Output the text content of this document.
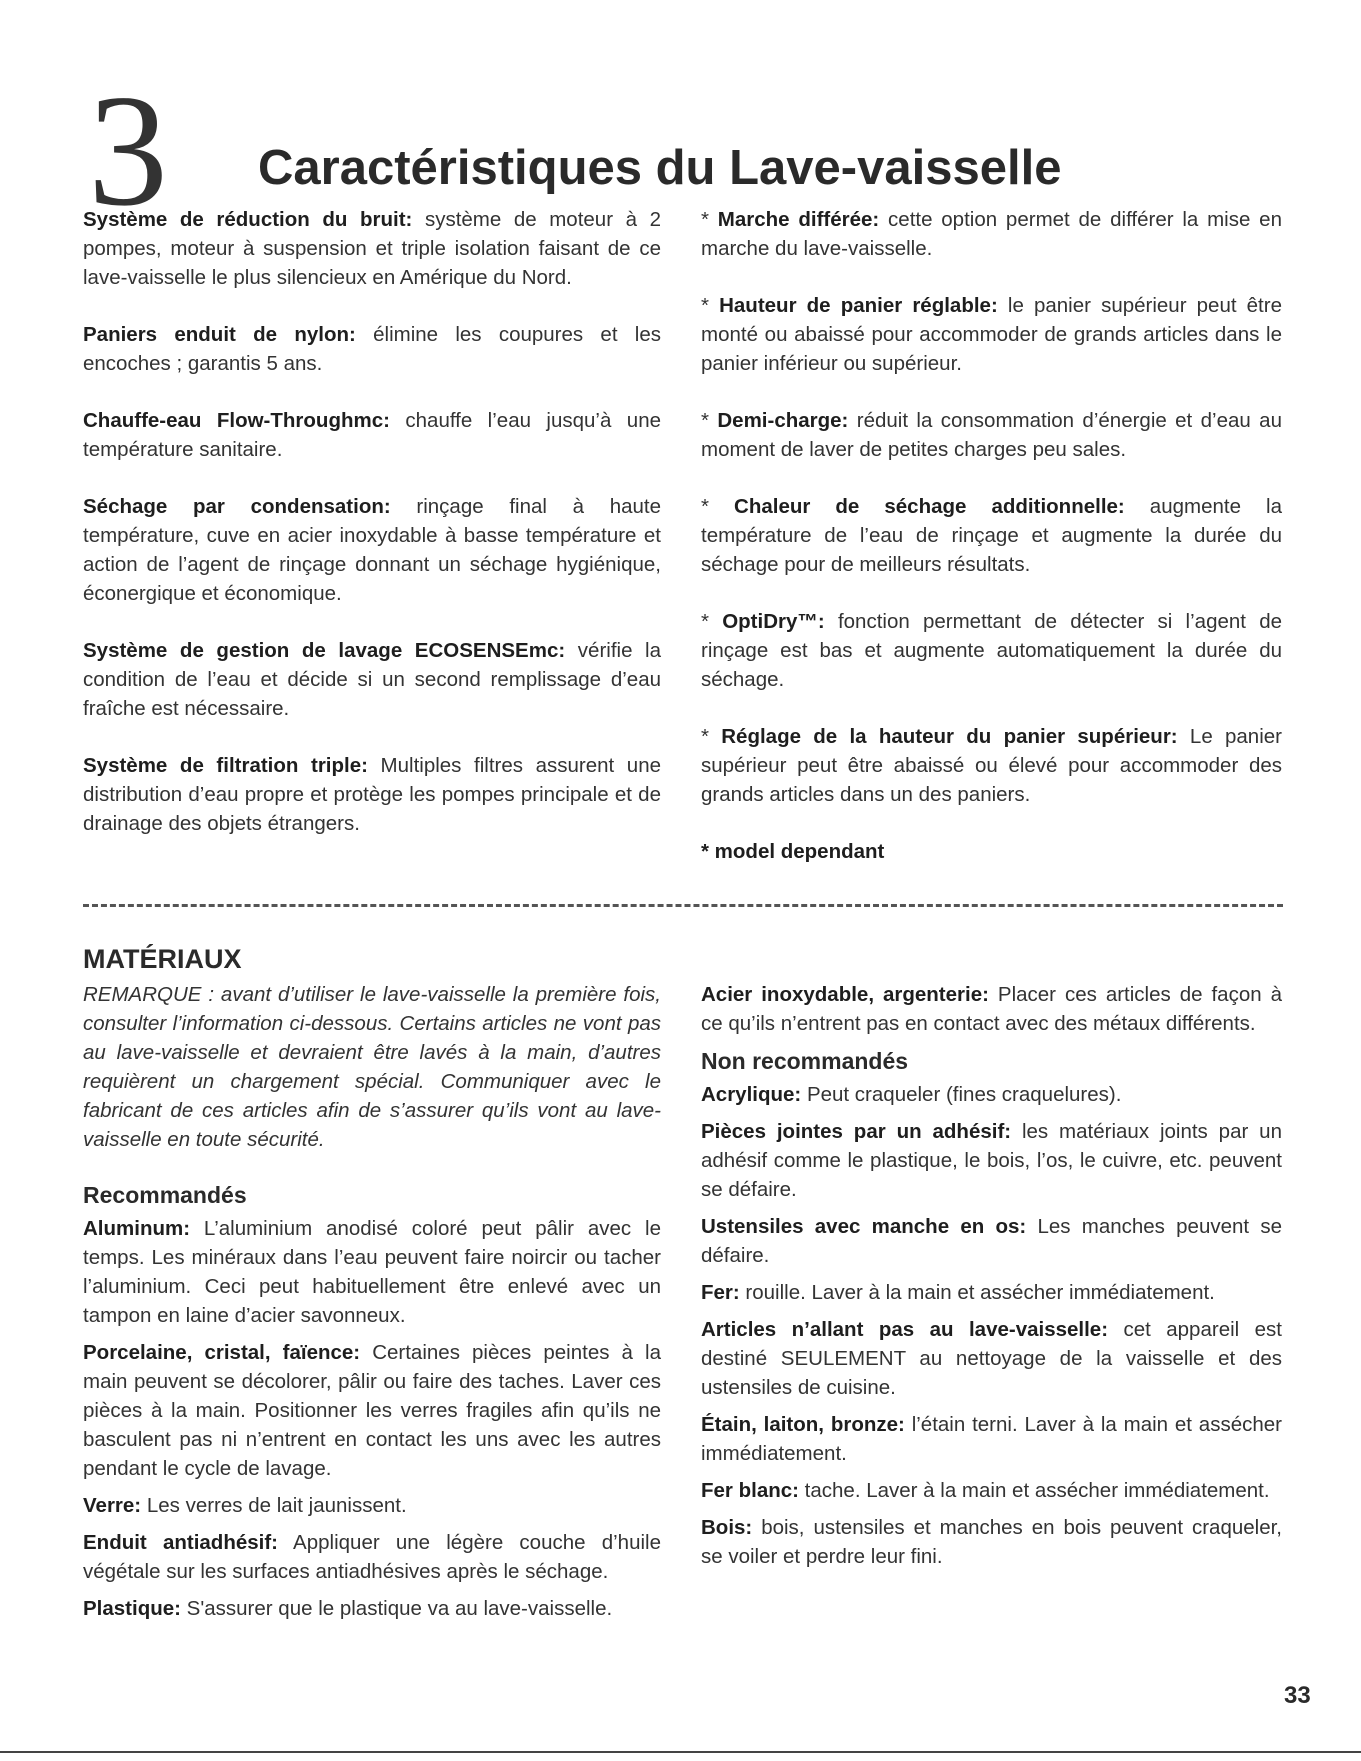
3 Caractéristiques du Lave-vaisselle

Système de réduction du bruit: système de moteur à 2 pompes, moteur à suspension et triple isolation faisant de ce lave-vaisselle le plus silencieux en Amérique du Nord.

Paniers enduit de nylon: élimine les coupures et les encoches ; garantis 5 ans.

Chauffe-eau Flow-Throughmc: chauffe l’eau jusqu’à une température sanitaire.

Séchage par condensation: rinçage final à haute température, cuve en acier inoxydable à basse température et action de l’agent de rinçage donnant un séchage hygiénique, éconergique et économique.

Système de gestion de lavage ECOSENSEmc: vérifie la condition de l’eau et décide si un second remplissage d’eau fraîche est nécessaire.

Système de filtration triple: Multiples filtres assurent une distribution d’eau propre et protège les pompes principale et de drainage des objets étrangers.

* Marche différée: cette option permet de différer la mise en marche du lave-vaisselle.

* Hauteur de panier réglable: le panier supérieur peut être monté ou abaissé pour accommoder de grands articles dans le panier inférieur ou supérieur.

* Demi-charge: réduit la consommation d’énergie et d’eau au moment de laver de petites charges peu sales.

* Chaleur de séchage additionnelle: augmente la température de l’eau de rinçage et augmente la durée du séchage pour de meilleurs résultats.

* OptiDry™: fonction permettant de détecter si l’agent de rinçage est bas et augmente automatiquement la durée du séchage.

* Réglage de la hauteur du panier supérieur: Le panier supérieur peut être abaissé ou élevé pour accommoder des grands articles dans un des paniers.

* model dependant

MATÉRIAUX

REMARQUE : avant d’utiliser le lave-vaisselle la première fois, consulter l’information ci-dessous. Certains articles ne vont pas au lave-vaisselle et devraient être lavés à la main, d’autres requièrent un chargement spécial. Communiquer avec le fabricant de ces articles afin de s’assurer qu’ils vont au lave-vaisselle en toute sécurité.

Recommandés

Aluminum: L’aluminium anodisé coloré peut pâlir avec le temps. Les minéraux dans l’eau peuvent faire noircir ou tacher l’aluminium. Ceci peut habituellement être enlevé avec un tampon en laine d’acier savonneux.

Porcelaine, cristal, faïence: Certaines pièces peintes à la main peuvent se décolorer, pâlir ou faire des taches. Laver ces pièces à la main. Positionner les verres fragiles afin qu’ils ne basculent pas ni n’entrent en contact les uns avec les autres pendant le cycle de lavage.

Verre: Les verres de lait jaunissent.

Enduit antiadhésif: Appliquer une légère couche d’huile végétale sur les surfaces antiadhésives après le séchage.

Plastique: S'assurer que le plastique va au lave-vaisselle.

Acier inoxydable, argenterie: Placer ces articles de façon à ce qu’ils n’entrent pas en contact avec des métaux différents.

Non recommandés

Acrylique: Peut craqueler (fines craquelures).

Pièces jointes par un adhésif: les matériaux joints par un adhésif comme le plastique, le bois, l’os, le cuivre, etc. peuvent se défaire.

Ustensiles avec manche en os: Les manches peuvent se défaire.

Fer: rouille. Laver à la main et assécher immédiatement.

Articles n’allant pas au lave-vaisselle: cet appareil est destiné SEULEMENT au nettoyage de la vaisselle et des ustensiles de cuisine.

Étain, laiton, bronze: l’étain terni. Laver à la main et assécher immédiatement.

Fer blanc: tache. Laver à la main et assécher immédiatement.

Bois: bois, ustensiles et manches en bois peuvent craqueler, se voiler et perdre leur fini.

33
